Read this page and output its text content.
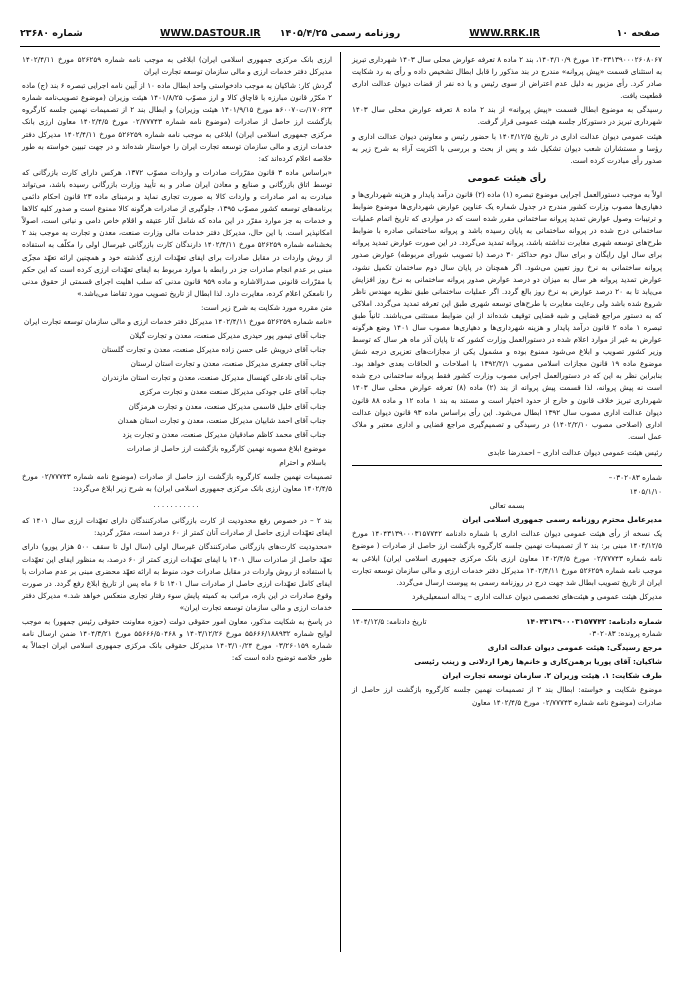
صفحه ۱۰
WWW.RRK.IR
روزنامه رسمی ۱۴۰۵/۴/۲۵
WWW.DASTOUR.IR
شماره ۲۳۶۸۰

۱۴۰۴۳۱۳۹۰۰۰۲۶۰۸۰۶۷ مورخ ۱۴۰۴/۱۰/۹، بند ۲ ماده ۸ تعرفه عوارض محلی سال ۱۴۰۳ شهرداری تبریز به استثنای قسمت «پیش پروانه» مندرج در بند مذکور را قابل ابطال تشخیص داده و رأی به رد شکایت صادر کرد. رأی مزبور به دلیل عدم اعتراض از سوی رئیس و یا ده نفر از قضات دیوان عدالت اداری قطعیت یافت.

رسیدگی به موضوع ابطال قسمت «پیش پروانه» از بند ۲ ماده ۸ تعرفه عوارض محلی سال ۱۴۰۳ شهرداری تبریز در دستورکار جلسه هیئت عمومی قرار گرفت.

هیئت عمومی دیوان عدالت اداری در تاریخ ۱۴۰۴/۱۲/۵ با حضور رئیس و معاونین دیوان عدالت اداری و رؤسا و مستشاران شعب دیوان تشکیل شد و پس از بحث و بررسی با اکثریت آراء به شرح زیر به صدور رأی مبادرت کرده است.

رأی هیئت عمومی

اولاً به موجب دستورالعمل اجرایی موضوع تبصره (۱) ماده (۲) قانون درآمد پایدار و هزینه شهرداری‌ها و دهیاری‌ها مصوب وزارت کشور مندرج در جدول شماره یک عناوین عوارض شهرداری‌ها موضوع ضوابط و ترتیبات وصول عوارض تمدید پروانه ساختمانی مقرر شده است که در مواردی که تاریخ اتمام عملیات ساختمانی درج شده در پروانه ساختمانی به پایان رسیده باشد و پروانه ساختمانی صادره با ضوابط طرح‌های توسعه شهری مغایرت نداشته باشد، پروانه تمدید می‌گردد. در این صورت عوارض تمدید پروانه برای سال اول رایگان و برای سال دوم حداکثر ۳۰ درصد (با تصویب شورای مربوطه) عوارض صدور پروانه ساختمانی به نرخ روز تعیین می‌شود. اگر همچنان در پایان سال دوم ساختمان تکمیل نشود، عوارض تمدید پروانه هر سال به میزان دو درصد عوارض صدور پروانه ساختمانی به نرخ روز افزایش می‌یابد تا به ۲۰ درصد عوارض به نرخ روز بالغ گردد. اگر عملیات ساختمانی طبق نظریه مهندس ناظر شروع شده باشد ولی رعایت مغایرت با طرح‌های توسعه شهری طبق این تعرفه تمدید می‌گردد. املاکی که به دستور مراجع قضایی و شبه قضایی توقیف شده‌اند از این ضوابط مستثنی می‌باشند. ثانیاً طبق تبصره ۱ ماده ۲ قانون درآمد پایدار و هزینه شهرداری‌ها و دهیاری‌ها مصوب سال ۱۴۰۱ وضع هرگونه عوارض به غیر از موارد اعلام شده در دستورالعمل وزارت کشور که تا پایان آذر ماه هر سال که توسط وزیر کشور تصویب و ابلاغ می‌شود ممنوع بوده و مشمول یکی از مجازات‌های تعزیری درجه شش موضوع ماده ۱۹ قانون مجازات اسلامی مصوب ۱۳۹۲/۲/۱ با اصلاحات و الحاقات بعدی خواهد بود. بنابراین نظر به این که در دستورالعمل اجرایی مصوب وزارت کشور فقط پروانه ساختمانی درج شده است نه پیش پروانه، لذا قسمت پیش پروانه از بند (۲) ماده (۸) تعرفه عوارض محلی سال ۱۴۰۳ شهرداری تبریز خلاف قانون و خارج از حدود اختیار است و مستند به بند ۱ ماده ۱۲ و ماده ۸۸ قانون دیوان عدالت اداری مصوب سال ۱۳۹۲ ابطال می‌شود. این رأی براساس ماده ۹۳ قانون دیوان عدالت اداری (اصلاحی مصوب ۱۴۰۲/۲/۱۰) در رسیدگی و تصمیم‌گیری مراجع قضایی و اداری معتبر و ملاک عمل است.

رئیس هیئت عمومی دیوان عدالت اداری – احمدرضا عابدی

شماره ۰۳۰۲۰۸۳–

۱۴۰۵/۱/۱۰

بسمه تعالی

مدیرعامل محترم روزنامه رسمی جمهوری اسلامی ایران

یک نسخه از رأی هیئت عمومی دیوان عدالت اداری با شماره دادنامه ۱۴۰۴۳۱۳۹۰۰۰۳۱۵۷۷۴۲ مورخ ۱۴۰۴/۱۲/۵ مبنی بر: بند ۲ از تصمیمات نهمین جلسه کارگروه بازگشت ارز حاصل از صادرات ( موضوع نامه شماره ۰۲/۷۷۷۴۳ مورخ ۱۴۰۲/۴/۵ معاون ارزی بانک مرکزی جمهوری اسلامی ایران) ابلاغی به موجب نامه شماره ۵۲۶۲۵۹ مورخ ۱۴۰۲/۴/۱۱ مدیرکل دفتر خدمات ارزی و مالی سازمان توسعه تجارت ایران از تاریخ تصویب ابطال شد جهت درج در روزنامه رسمی به پیوست ارسال می‌گردد.

مدیرکل هیئت عمومی و هیئت‌های تخصصی دیوان عدالت اداری – یداله اسمعیلی‌فرد

شماره دادنامه: ۱۴۰۴۳۱۳۹۰۰۰۳۱۵۷۷۴۲
تاریخ دادنامه: ۱۴۰۴/۱۲/۵

شماره پرونده: ۰۳۰۲۰۸۳

مرجع رسیدگی: هیئت عمومی دیوان عدالت اداری

شاکیان: آقای پوریا برهمن‌کاری و خانم‌ها زهرا اردلانی و زینب رئیسی

طرف شکایت: ۱. هیئت وزیران ۲. سازمان توسعه تجارت ایران

موضوع شکایت و خواسته: ابطال بند ۲ از تصمیمات نهمین جلسه کارگروه بازگشت ارز حاصل از صادرات (موضوع نامه شماره ۰۲/۷۷۷۴۳ مورخ ۱۴۰۲/۴/۵ معاون

ارزی بانک مرکزی جمهوری اسلامی ایران) ابلاغی به موجب نامه شماره ۵۲۶۲۵۹ مورخ ۱۴۰۲/۴/۱۱ مدیرکل دفتر خدمات ارزی و مالی سازمان توسعه تجارت ایران

گردش کار: شاکیان به موجب دادخواستی واحد ابطال ماده ۱۰ از آیین نامه اجرایی تبصره ۶ بند (ج) ماده ۲ مکرّر قانون مبارزه با قاچاق کالا و ارز مصوّب ۱۴۰۱/۸/۲۵ هیئت وزیران (موضوع تصویب‌نامه شماره ۱۷۰۶۲۳/ت۶۰۰۷۰ه‍ مورخ ۱۴۰۱/۹/۱۵ هیئت وزیران) و ابطال بند ۲ از تصمیمات نهمین جلسه کارگروه بازگشت ارز حاصل از صادرات (موضوع نامه شماره ۰۲/۷۷۷۴۳ مورخ ۱۴۰۲/۴/۵ معاون ارزی بانک مرکزی جمهوری اسلامی ایران) ابلاغی به موجب نامه شماره ۵۲۶۲۵۹ مورخ ۱۴۰۲/۴/۱۱ مدیرکل دفتر خدمات ارزی و مالی سازمان توسعه تجارت ایران را خواستار شده‌اند و در جهت تبیین خواسته به طور خلاصه اعلام کرده‌اند که:

«براساس ماده ۳ قانون مقرّرات صادرات و واردات مصوّب ۱۳۷۲، هرکس دارای کارت بازرگانی که توسط اتاق بازرگانی و صنایع و معادن ایران صادر و به تأیید وزارت بازرگانی رسیده باشد، می‌تواند مبادرت به امر صادرات و واردات کالا به صورت تجاری نماید و برمبنای ماده ۲۳ قانون احکام دائمی برنامه‌های توسعه کشور مصوّب ۱۳۹۵، جلوگیری از صادرات هرگونه کالا ممنوع است و صدور کلیه کالاها و خدمات به جز موارد مقرّر در این ماده که شامل آثار عتیقه و اقلام خاص دامی و نباتی است، اصولاً امکانپذیر است. با این حال، مدیرکل دفتر خدمات مالی وزارت صنعت، معدن و تجارت به موجب بند ۲ بخشنامه شماره ۵۲۶۲۵۹ مورخ ۱۴۰۲/۴/۱۱ دارندگان کارت بازرگانی غیرسال اولی را مکلّف به استفاده از روش واردات در مقابل صادرات برای ایفای تعهّدات ارزی گذشته خود و همچنین ارائه تعهّد مجزّی مبنی بر عدم انجام صادرات جز در رابطه با موارد مربوط به ایفای تعهّدات ارزی کرده است که این حکم با مقرّرات قانونی صدرالاشاره و ماده ۹۵۹ قانون مدنی که سلب اهلیت اجرای قسمتی از حقوق مدنی را نامعکن اعلام کرده، مغایرت دارد. لذا ابطال از تاریخ تصویب مورد تقاضا می‌باشد.»

متن مقرره مورد شکایت به شرح زیر است:

«نامه شماره ۵۲۶۲۵۹ مورخ ۱۴۰۲/۴/۱۱ مدیرکل دفتر خدمات ارزی و مالی سازمان توسعه تجارت ایران

جناب آقای تیمور پور حیدری مدیرکل صنعت، معدن و تجارت گیلان

جناب آقای درویش علی حسن زاده مدیرکل صنعت، معدن و تجارت گلستان

جناب آقای جعفری مدیرکل صنعت، معدن و تجارت استان لرستان

جناب آقای نادعلی کهنسال مدیرکل صنعت، معدن و تجارت استان مازندران

جناب آقای علی جودکی مدیرکل صنعت معدن و تجارت مرکزی

جناب آقای خلیل قاسمی مدیرکل صنعت، معدن و تجارت هرمزگان

جناب آقای احمد شابیان مدیرکل صنعت، معدن و تجارت استان همدان

جناب آقای محمد کاظم صادقیان مدیرکل صنعت، معدن و تجارت یزد

موضوع ابلاغ مصوبه نهمین کارگروه بازگشت ارز حاصل از صادرات

باسلام و احترام

تصمیمات نهمین جلسه کارگروه بازگشت ارز حاصل از صادرات (موضوع نامه شماره ۰۲/۷۷۷۴۳ مورخ ۱۴۰۲/۴/۵ معاون ارزی بانک مرکزی جمهوری اسلامی ایران) به شرح زیر ابلاغ می‌گردد:

...........

بند ۲ – در خصوص رفع محدودیت از کارت بازرگانی صادرکنندگان دارای تعهّدات ارزی سال ۱۴۰۱ که ایفای تعهّدات ارزی حاصل از صادرات آنان کمتر از ۶۰ درصد است، مقرّر گردید:

«محدودیت کارت‌های بازرگانی صادرکنندگان غیرسال اولی (سال اول تا سقف ۵۰۰ هزار یورو) دارای تعهّد حاصل از صادرات سال ۱۴۰۱ با ایفای تعهّدات ارزی کمتر از ۶۰ درصد، به منظور ایفای این تعهّدات با استفاده از روش واردات در مقابل صادرات خود، منوط به ارائه تعهّد محضری مبنی بر عدم صادرات با ایفای کامل تعهّدات ارزی حاصل از صادرات سال ۱۴۰۱ تا ۶ ماه پس از تاریخ ابلاغ رفع گردد. در صورت وقوع صادرات در این بازه، مراتب به کمیته پایش سوء رفتار تجاری منعکس خواهد شد.» مدیرکل دفتر خدمات ارزی و مالی سازمان توسعه تجارت ایران»

در پاسخ به شکایت مذکور، معاون امور حقوقی دولت (حوزه معاونت حقوقی رئیس جمهور) به موجب لوایح شماره ۵۵۶۶۶/۱۸۸۹۳۲ مورخ ۱۴۰۳/۱۲/۲۶ و ۵۵۶۶۶/۵۰۴۶۸ مورخ ۱۴۰۴/۳/۲۱ ضمن ارسال نامه شماره ۰۳/۲۶۰۱۵۹ مورخ ۱۴۰۳/۱۰/۲۴ مدیرکل حقوقی بانک مرکزی جمهوری اسلامی ایران اجمالاً به طور خلاصه توضیح داده است که:
